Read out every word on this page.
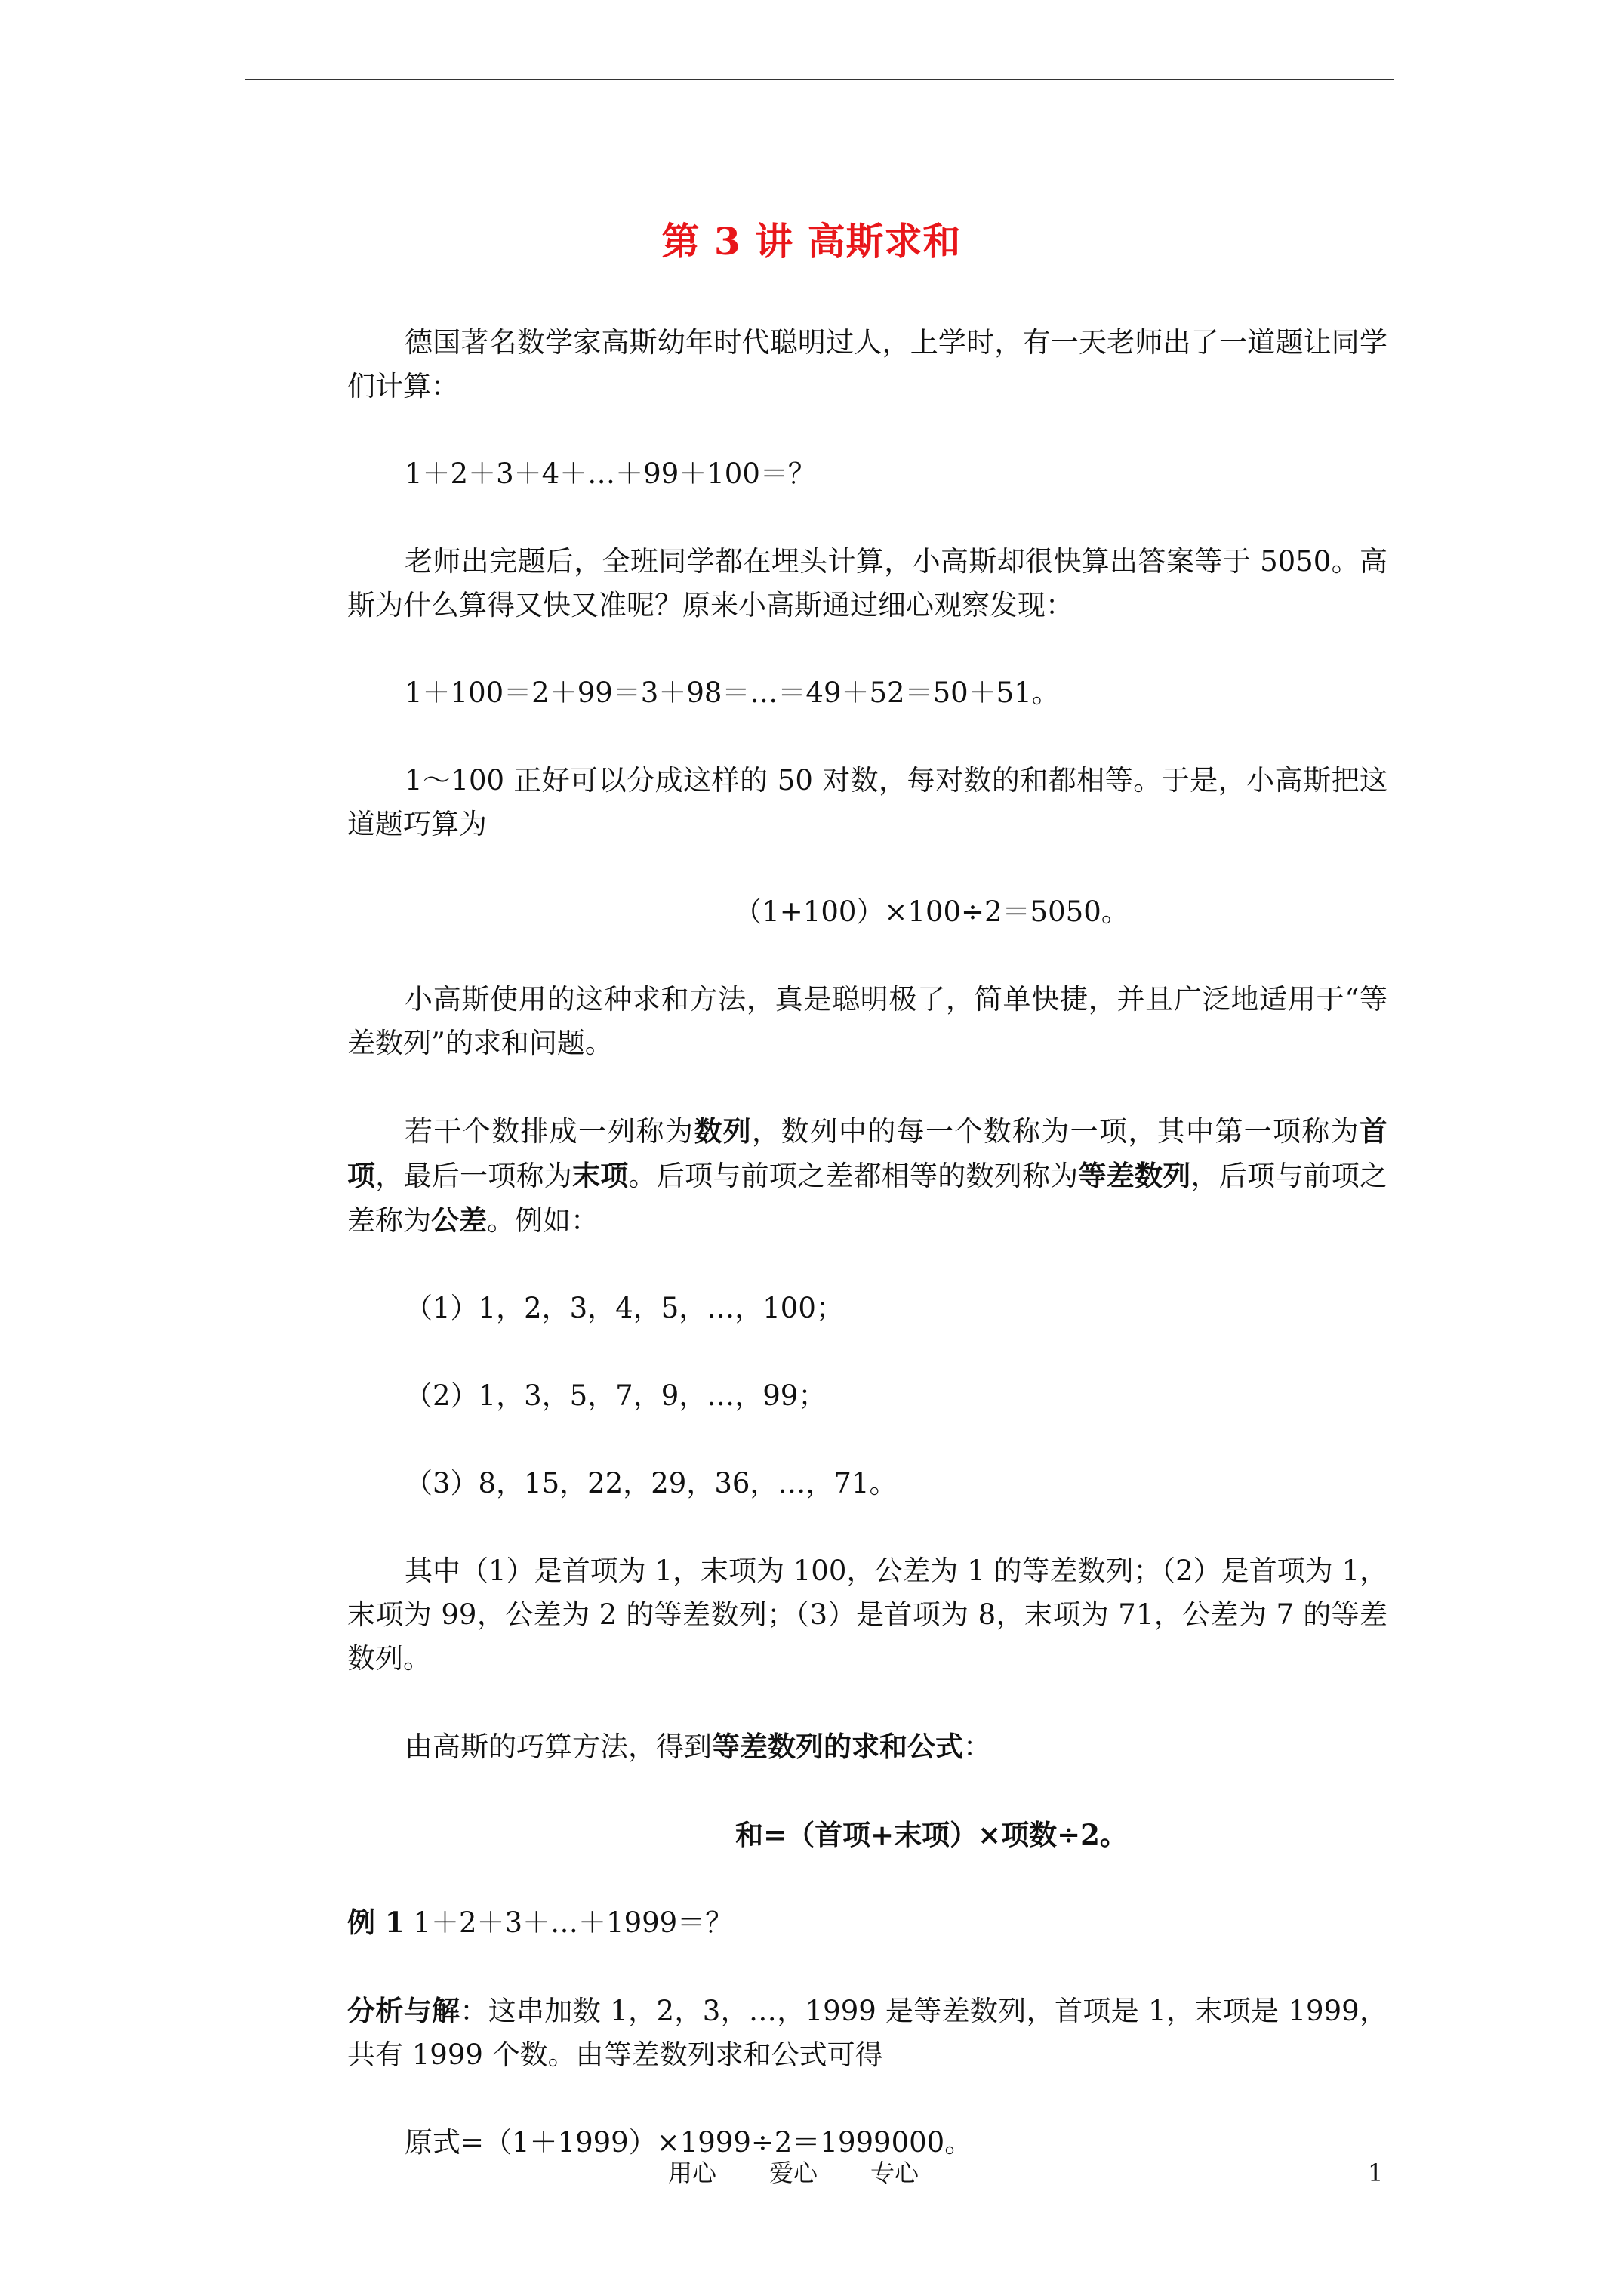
第 3 讲 高斯求和

德国著名数学家高斯幼年时代聪明过人，上学时，有一天老师出了一道题让同学们计算：

1＋2＋3＋4＋…＋99＋100＝？

老师出完题后，全班同学都在埋头计算，小高斯却很快算出答案等于 5050。高斯为什么算得又快又准呢？原来小高斯通过细心观察发现：

1＋100＝2＋99＝3＋98＝…＝49＋52＝50＋51。

1～100 正好可以分成这样的 50 对数，每对数的和都相等。于是，小高斯把这道题巧算为

（1+100）×100÷2＝5050。

小高斯使用的这种求和方法，真是聪明极了，简单快捷，并且广泛地适用于“等差数列”的求和问题。

若干个数排成一列称为数列，数列中的每一个数称为一项，其中第一项称为首项，最后一项称为末项。后项与前项之差都相等的数列称为等差数列，后项与前项之差称为公差。例如：

（1）1，2，3，4，5，…，100；

（2）1，3，5，7，9，…，99；

（3）8，15，22，29，36，…，71。

其中（1）是首项为 1，末项为 100，公差为 1 的等差数列；（2）是首项为 1，末项为 99，公差为 2 的等差数列；（3）是首项为 8，末项为 71，公差为 7 的等差数列。

由高斯的巧算方法，得到等差数列的求和公式：

和=（首项+末项）×项数÷2。

例 1 1＋2＋3＋…＋1999＝？

分析与解：这串加数 1，2，3，…，1999 是等差数列，首项是 1，末项是 1999，共有 1999 个数。由等差数列求和公式可得

原式=（1＋1999）×1999÷2＝1999000。

用心 爱心 专心	1
